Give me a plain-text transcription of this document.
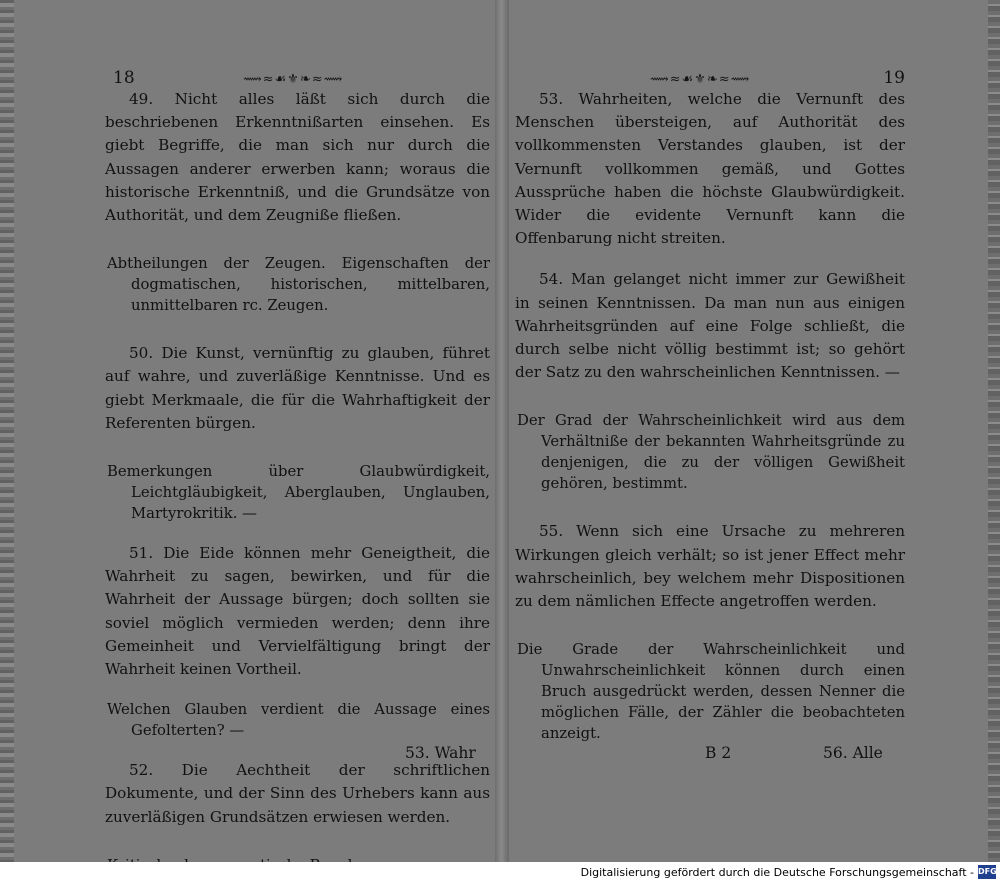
18	⟿≈☙⚜❧≈⟿

49. Nicht alles läßt sich durch die beschriebenen Erkenntnißarten einsehen. Es giebt Begriffe, die man sich nur durch die Aussagen anderer erwerben kann; woraus die historische Erkenntniß, und die Grundsätze von Authorität, und dem Zeugniße fließen.

Abtheilungen der Zeugen. Eigenschaften der dogmatischen, historischen, mittelbaren, unmittelbaren rc. Zeugen.

50. Die Kunst, vernünftig zu glauben, führet auf wahre, und zuverläßige Kenntnisse. Und es giebt Merkmaale, die für die Wahrhaftigkeit der Referenten bürgen.

Bemerkungen über Glaubwürdigkeit, Leichtgläubigkeit, Aberglauben, Unglauben, Martyrokritik. —

51. Die Eide können mehr Geneigtheit, die Wahrheit zu sagen, bewirken, und für die Wahrheit der Aussage bürgen; doch sollten sie soviel möglich vermieden werden; denn ihre Gemeinheit und Vervielfältigung bringt der Wahrheit keinen Vortheil.

Welchen Glauben verdient die Aussage eines Gefolterten? —

52. Die Aechtheit der schriftlichen Dokumente, und der Sinn des Urhebers kann aus zuverläßigen Grundsätzen erwiesen werden.

53. Wahr
⟿≈☙⚜❧≈⟿	19

53. Wahrheiten, welche die Vernunft des Menschen übersteigen, auf Authorität des vollkommensten Verstandes glauben, ist der Vernunft vollkommen gemäß, und Gottes Aussprüche haben die höchste Glaubwürdigkeit. Wider die evidente Vernunft kann die Offenbarung nicht streiten.

54. Man gelanget nicht immer zur Gewißheit in seinen Kenntnissen. Da man nun aus einigen Wahrheitsgründen auf eine Folge schließt, die durch selbe nicht völlig bestimmt ist; so gehört der Satz zu den wahrscheinlichen Kenntnissen. —

Der Grad der Wahrscheinlichkeit wird aus dem Verhältniße der bekannten Wahrheitsgründe zu denjenigen, die zu der völligen Gewißheit gehören, bestimmt.

55. Wenn sich eine Ursache zu mehreren Wirkungen gleich verhält; so ist jener Effect mehr wahrscheinlich, bey welchem mehr Dispositionen zu dem nämlichen Effecte angetroffen werden.

Die Grade der Wahrscheinlichkeit und Unwahrscheinlichkeit können durch einen Bruch ausgedrückt werden, dessen Nenner die möglichen Fälle, der Zähler die beobachteten anzeigt.

B 2	56. Alle
Digitalisierung gefördert durch die Deutsche Forschungsgemeinschaft - DFG
